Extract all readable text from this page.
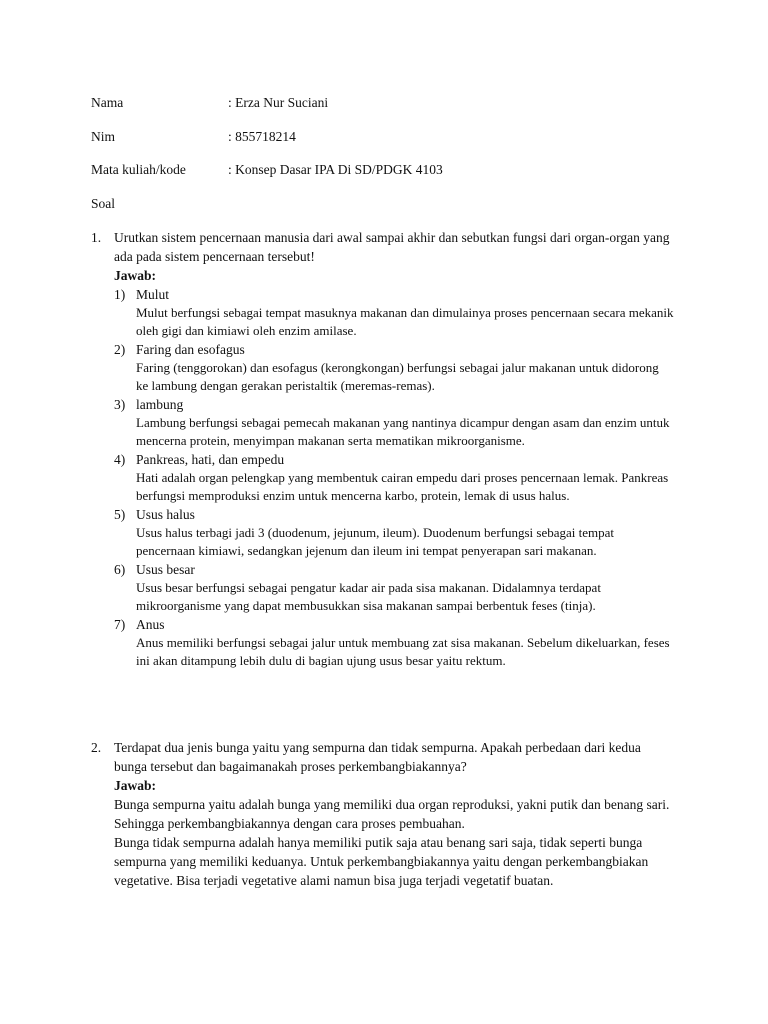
Nama	: Erza Nur Suciani
Nim	: 855718214
Mata kuliah/kode	: Konsep Dasar IPA Di SD/PDGK 4103
Soal
1. Urutkan sistem pencernaan manusia dari awal sampai akhir dan sebutkan fungsi dari organ-organ yang ada pada sistem pencernaan tersebut!
Jawab:
1) Mulut
Mulut berfungsi sebagai tempat masuknya makanan dan dimulainya proses pencernaan secara mekanik oleh gigi dan kimiawi oleh enzim amilase.
2) Faring dan esofagus
Faring (tenggorokan) dan esofagus (kerongkongan) berfungsi sebagai jalur makanan untuk didorong ke lambung dengan gerakan peristaltik (meremas-remas).
3) lambung
Lambung berfungsi sebagai pemecah makanan yang nantinya dicampur dengan asam dan enzim untuk mencerna protein, menyimpan makanan serta mematikan mikroorganisme.
4) Pankreas, hati, dan empedu
Hati adalah organ pelengkap yang membentuk cairan empedu dari proses pencernaan lemak. Pankreas berfungsi memproduksi enzim untuk mencerna karbo, protein, lemak di usus halus.
5) Usus halus
Usus halus terbagi jadi 3 (duodenum, jejunum, ileum). Duodenum berfungsi sebagai tempat pencernaan kimiawi, sedangkan jejenum dan ileum ini tempat penyerapan sari makanan.
6) Usus besar
Usus besar berfungsi sebagai pengatur kadar air pada sisa makanan. Didalamnya terdapat mikroorganisme yang dapat membusukkan sisa makanan sampai berbentuk feses (tinja).
7) Anus
Anus memiliki berfungsi sebagai jalur untuk membuang zat sisa makanan. Sebelum dikeluarkan, feses ini akan ditampung lebih dulu di bagian ujung usus besar yaitu rektum.
2. Terdapat dua jenis bunga yaitu yang sempurna dan tidak sempurna. Apakah perbedaan dari kedua bunga tersebut dan bagaimanakah proses perkembangbiakannya?
Jawab:

Bunga sempurna yaitu adalah bunga yang memiliki dua organ reproduksi, yakni putik dan benang sari. Sehingga perkembangbiakannya dengan cara proses pembuahan.

Bunga tidak sempurna adalah hanya memiliki putik saja atau benang sari saja, tidak seperti bunga sempurna yang memiliki keduanya. Untuk perkembangbiakannya yaitu dengan perkembangbiakan vegetative. Bisa terjadi vegetative alami namun bisa juga terjadi vegetatif buatan.
